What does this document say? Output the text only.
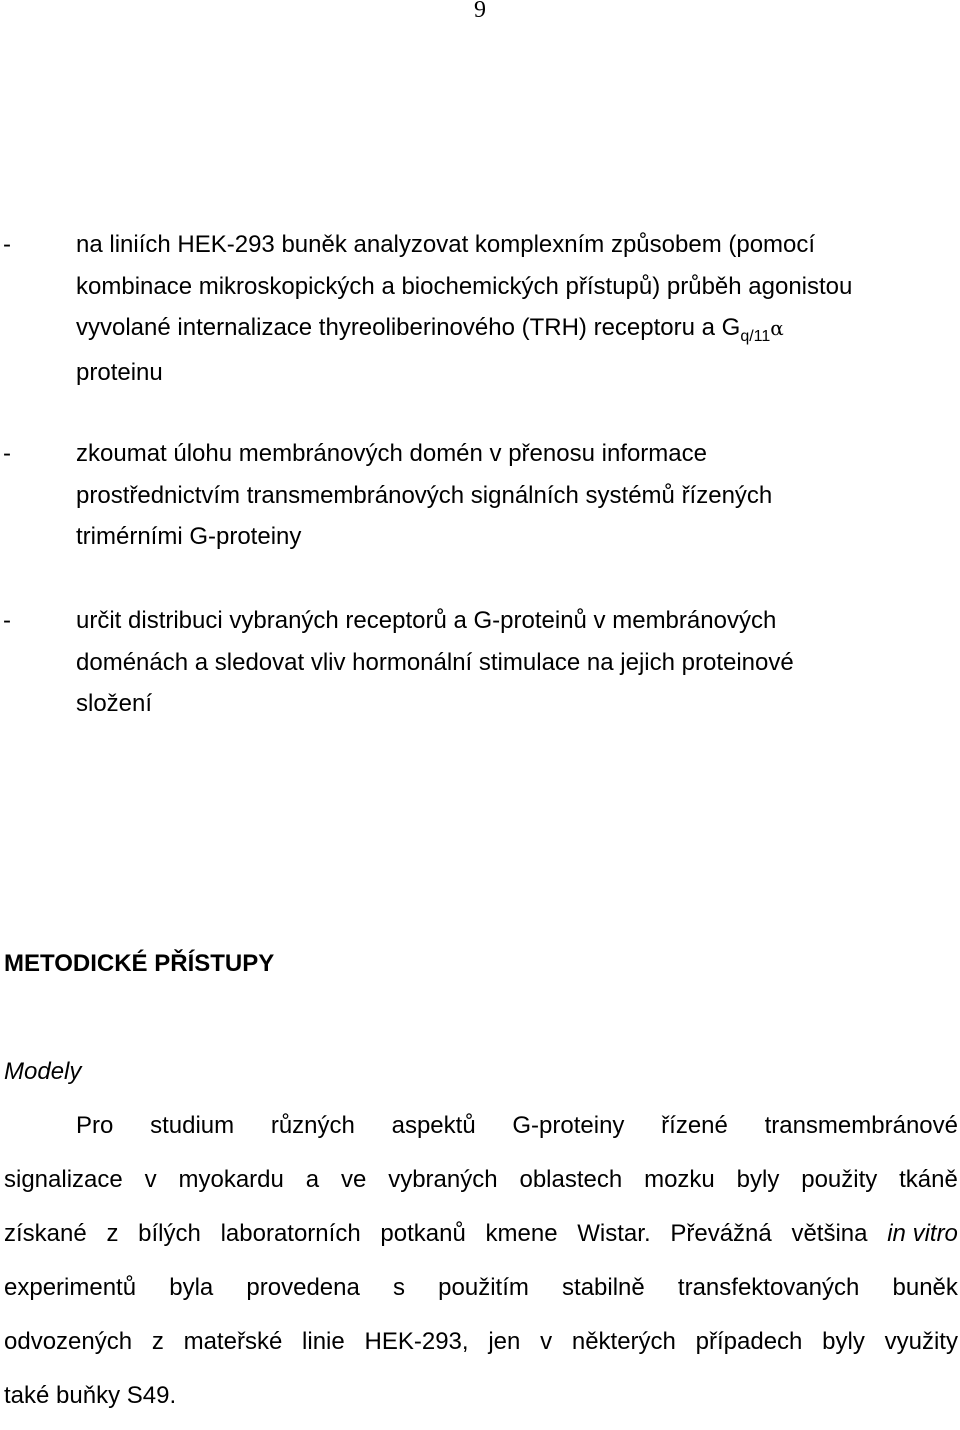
9
-	na liniích HEK-293 buněk analyzovat komplexním způsobem (pomocí
kombinace mikroskopických a biochemických přístupů) průběh agonistou
vyvolané internalizace thyreoliberinového (TRH) receptoru a $G_{q/11}\alpha$
proteinu
-	zkoumat úlohu membránových domén v přenosu informace
prostřednictvím transmembránových signálních systémů řízených
trimérními G-proteiny
-	určit distribuci vybraných receptorů a G-proteinů v membránových
doménách a sledovat vliv hormonální stimulace na jejich proteinové
složení
METODICKÉ PŘÍSTUPY
Modely
Pro studium různých aspektů G-proteiny řízené transmembránové
signalizace v myokardu a ve vybraných oblastech mozku byly použity tkáně
získané z bílých laboratorních potkanů kmene Wistar. Převážná většina in vitro
experimentů byla provedena s použitím stabilně transfektovaných buněk
odvozených z mateřské linie HEK-293, jen v některých případech byly využity
také buňky S49.
